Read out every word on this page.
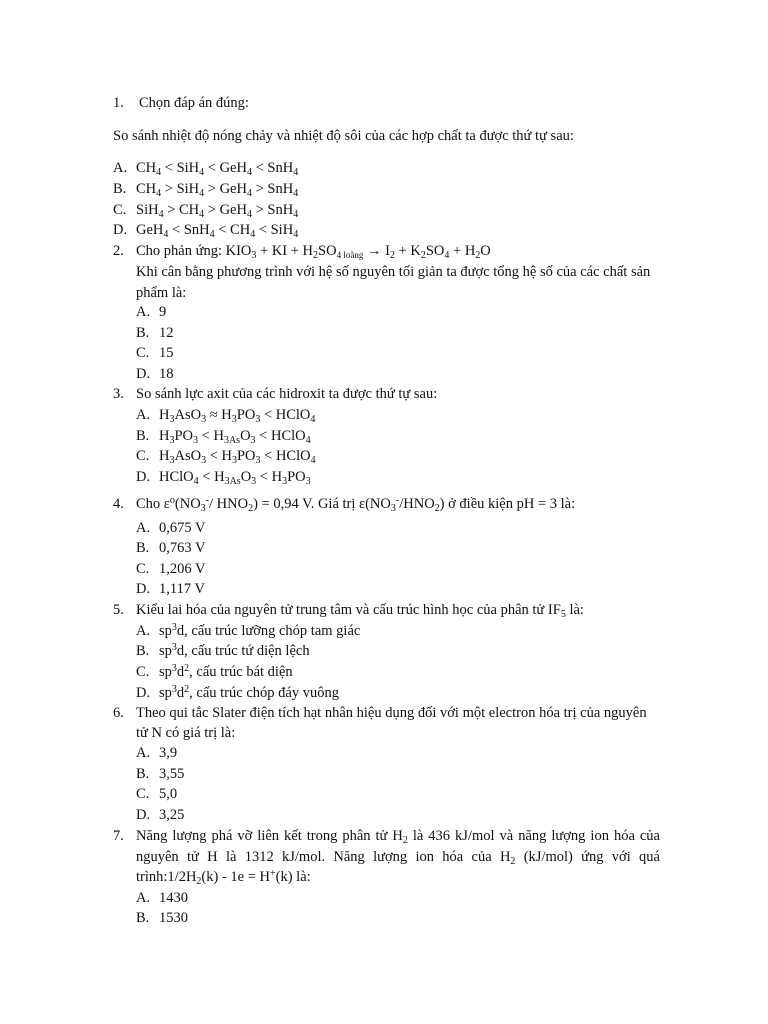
1. Chọn đáp án đúng:
So sánh nhiệt độ nóng chảy và nhiệt độ sôi của các hợp chất ta được thứ tự sau:
A. $CH_4 < SiH_4 < GeH_4 < SnH_4$
B. $CH_4 > SiH_4 > GeH_4 > SnH_4$
C. $SiH_4 > CH_4 > GeH_4 > SnH_4$
D. $GeH_4 < SnH_4 < CH_4 < SiH_4$
2. Cho phản ứng: $KIO_3$ + KI + $H_2SO_{4 loãng} \to I_2 + K_2SO_4 + H_2O$
Khi cân bằng phương trình với hệ số nguyên tối giản ta được tổng hệ số của các chất sản
phẩm là:
A. 9
B. 12
C. 15
D. 18
3. So sánh lực axit của các hidroxit ta được thứ tự sau:
A. $H_3AsO_3 \approx H_3PO_3$ < HClO$_4$
B. $H_3PO_3 < H_{3As}O_3$ < HClO$_4$
C. $H_3AsO_3 < H_3PO_3$ < HClO$_4$
D. HClO$_4$ < $H_{3As}O_3 < H_3PO_3$
4. Cho $\varepsilon^o(NO_3^-/$ $HNO_2) = 0,94$ V. Giá trị $\varepsilon(NO_3^-/HNO_2)$ ở điều kiện pH = 3 là:
A. 0,675 V
B. 0,763 V
C. 1,206 V
D. 1,117 V
5. Kiểu lai hóa của nguyên tử trung tâm và cấu trúc hình học của phân tử $IF_5$ là:
A. $sp^3d$, cấu trúc lưỡng chóp tam giác
B. $sp^3d$, cấu trúc tứ diện lệch
C. $sp^3d^2$, cấu trúc bát diện
D. $sp^3d^2$, cấu trúc chóp đáy vuông
6. Theo qui tắc Slater điện tích hạt nhân hiệu dụng đối với một electron hóa trị của nguyên
tử N có giá trị là:
A. 3,9
B. 3,55
C. 5,0
D. 3,25
7. Năng lượng phá vỡ liên kết trong phân tử $H_2$ là 436 kJ/mol và năng lượng ion hóa của
nguyên tử H là 1312 kJ/mol. Năng lượng ion hóa của $H_2$ (kJ/mol) ứng với quá
$trình:1/2H_2(k) - 1e = H^+(k)$ là:
A. 1430
B. 1530
